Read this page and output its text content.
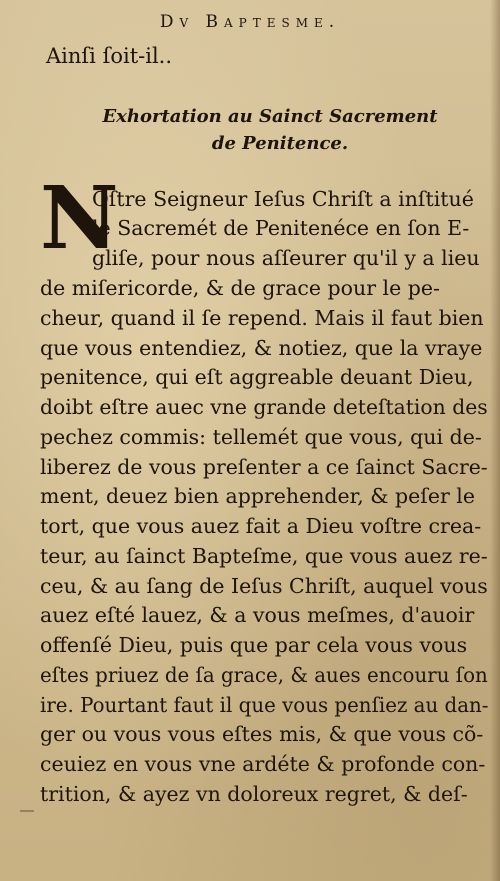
Dv Baptesme.
Ainſi ſoit-il..
Exhortation au Sainct Sacrement
de Penitence.
N
Oſtre Seigneur Ieſus Chriſt a inſtitué
le Sacremét de Penitenéce en ſon E-
gliſe, pour nous aſſeurer qu'il y a lieu
de miſericorde, & de grace pour le pe-
cheur, quand il ſe repend. Mais il faut bien
que vous entendiez, & notiez, que la vraye
penitence, qui eſt aggreable deuant Dieu,
doibt eſtre auec vne grande deteſtation des
pechez commis: tellemét que vous, qui de-
liberez de vous preſenter a ce ſainct Sacre-
ment, deuez bien apprehender, & peſer le
tort, que vous auez fait a Dieu voſtre crea-
teur, au ſainct Bapteſme, que vous auez re-
ceu, & au ſang de Ieſus Chriſt, auquel vous
auez eſté lauez, & a vous meſmes, d'auoir
offenſé Dieu, puis que par cela vous vous
eſtes priuez de ſa grace, & aues encouru ſon
ire. Pourtant faut il que vous penſiez au dan-
ger ou vous vous eſtes mis, & que vous cõ-
ceuiez en vous vne ardéte & profonde con-
trition, & ayez vn doloreux regret, & deſ-
